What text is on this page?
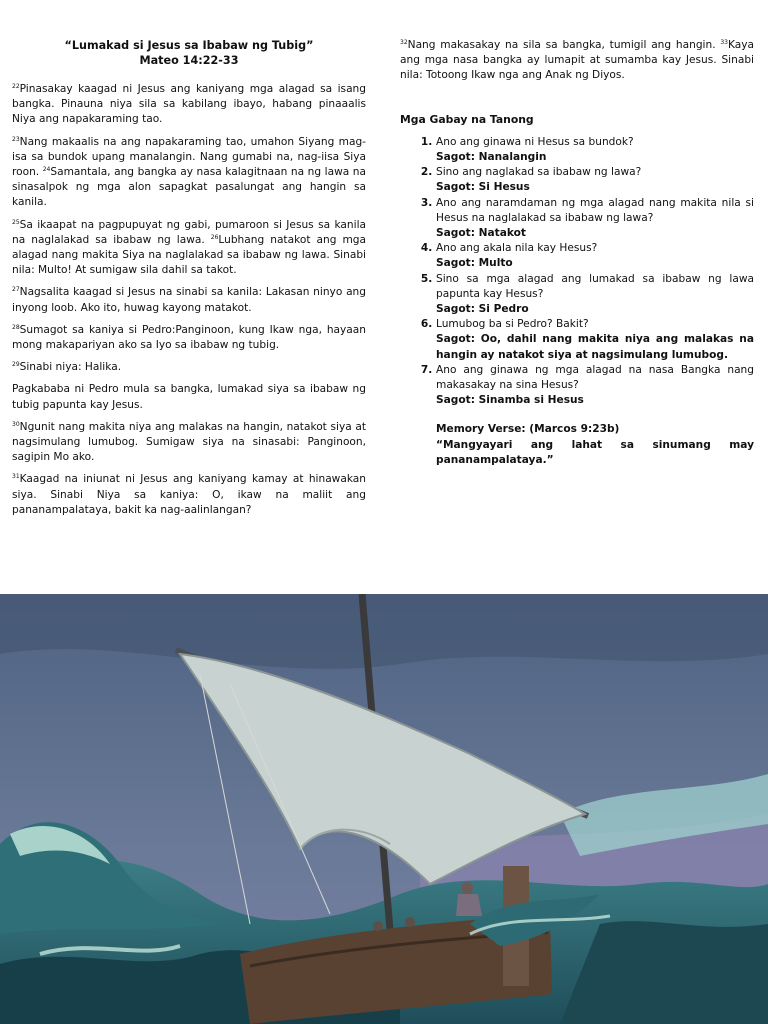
“Lumakad si Jesus sa Ibabaw ng Tubig”
Mateo 14:22-33

$^{22}$Pinasakay kaagad ni Jesus ang kaniyang mga alagad sa isang bangka. Pinauna niya sila sa kabilang ibayo, habang pinaaalis Niya ang napakaraming tao.

$^{23}$Nang makaalis na ang napakaraming tao, umahon Siyang mag-isa sa bundok upang manalangin. Nang gumabi na, nag-iisa Siya roon. $^{24}$Samantala, ang bangka ay nasa kalagitnaan na ng lawa na sinasalpok ng mga alon sapagkat pasalungat ang hangin sa kanila.

$^{25}$Sa ikaapat na pagpupuyat ng gabi, pumaroon si Jesus sa kanila na naglalakad sa ibabaw ng lawa. $^{26}$Lubhang natakot ang mga alagad nang makita Siya na naglalakad sa ibabaw ng lawa. Sinabi nila: Multo! At sumigaw sila dahil sa takot.

$^{27}$Nagsalita kaagad si Jesus na sinabi sa kanila: Lakasan ninyo ang inyong loob. Ako ito, huwag kayong matakot.

$^{28}$Sumagot sa kaniya si Pedro:Panginoon, kung Ikaw nga, hayaan mong makapariyan ako sa Iyo sa ibabaw ng tubig.

$^{29}$Sinabi niya: Halika.

Pagkababa ni Pedro mula sa bangka, lumakad siya sa ibabaw ng tubig papunta kay Jesus.

$^{30}$Ngunit nang makita niya ang malakas na hangin, natakot siya at nagsimulang lumubog. Sumigaw siya na sinasabi: Panginoon, sagipin Mo ako.

$^{31}$Kaagad na iniunat ni Jesus ang kaniyang kamay at hinawakan siya. Sinabi Niya sa kaniya: O, ikaw na maliit ang pananampalataya, bakit ka nag-aalinlangan?

$^{32}$Nang makasakay na sila sa bangka, tumigil ang hangin. $^{33}$Kaya ang mga nasa bangka ay lumapit at sumamba kay Jesus. Sinabi nila: Totoong Ikaw nga ang Anak ng Diyos.

Mga Gabay na Tanong
1. Ano ang ginawa ni Hesus sa bundok?
Sagot: Nanalangin
2. Sino ang naglakad sa ibabaw ng lawa?
Sagot: Si Hesus
3. Ano ang naramdaman ng mga alagad nang makita nila si Hesus na naglalakad sa ibabaw ng lawa?
Sagot: Natakot
4. Ano ang akala nila kay Hesus?
Sagot: Multo
5. Sino sa mga alagad ang lumakad sa ibabaw ng lawa papunta kay Hesus?
Sagot: Si Pedro
6. Lumubog ba si Pedro? Bakit?
Sagot: Oo, dahil nang makita niya ang malakas na hangin ay natakot siya at nagsimulang lumubog.
7. Ano ang ginawa ng mga alagad na nasa Bangka nang makasakay na sina Hesus?
Sagot: Sinamba si Hesus
Memory Verse: (Marcos 9:23b)
“Mangyayari ang lahat sa sinumang may pananampalataya.”
